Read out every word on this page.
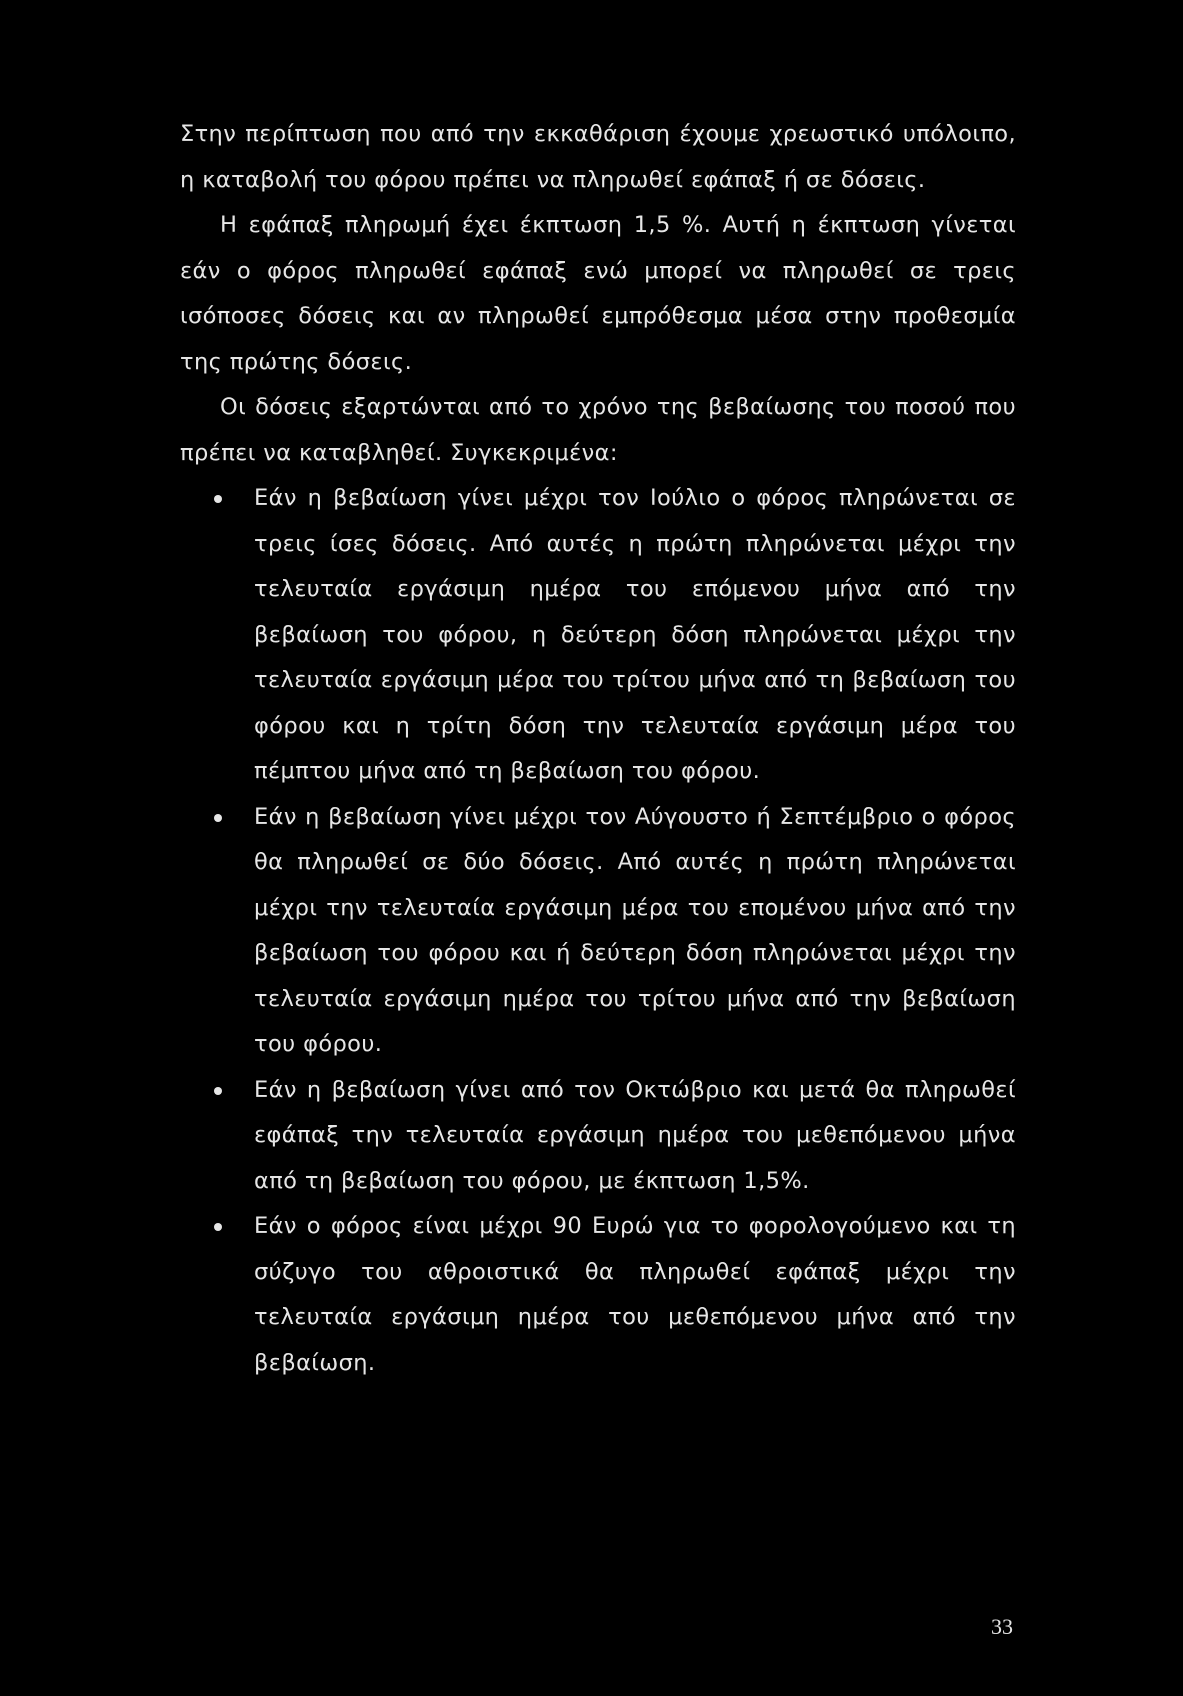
Στην περίπτωση που από την εκκαθάριση έχουμε χρεωστικό υπόλοιπο, η καταβολή του φόρου πρέπει να πληρωθεί εφάπαξ ή σε δόσεις.

Η εφάπαξ πληρωμή έχει έκπτωση 1,5 %. Αυτή η έκπτωση γίνεται εάν ο φόρος πληρωθεί εφάπαξ ενώ μπορεί να πληρωθεί σε τρεις ισόποσες δόσεις και αν πληρωθεί εμπρόθεσμα μέσα στην προθεσμία της πρώτης δόσεις.

Οι δόσεις εξαρτώνται από το χρόνο της βεβαίωσης του ποσού που πρέπει να καταβληθεί. Συγκεκριμένα:

Εάν η βεβαίωση γίνει μέχρι τον Ιούλιο ο φόρος πληρώνεται σε τρεις ίσες δόσεις. Από αυτές η πρώτη πληρώνεται μέχρι την τελευταία εργάσιμη ημέρα του επόμενου μήνα από την βεβαίωση του φόρου, η δεύτερη δόση πληρώνεται μέχρι την τελευταία εργάσιμη μέρα του τρίτου μήνα από τη βεβαίωση του φόρου και η τρίτη δόση την τελευταία εργάσιμη μέρα του πέμπτου μήνα από τη βεβαίωση του φόρου.
Εάν η βεβαίωση γίνει μέχρι τον Αύγουστο ή Σεπτέμβριο ο φόρος θα πληρωθεί σε δύο δόσεις. Από αυτές η πρώτη πληρώνεται μέχρι την τελευταία εργάσιμη μέρα του επομένου μήνα από την βεβαίωση του φόρου και ή δεύτερη δόση πληρώνεται μέχρι την τελευταία εργάσιμη ημέρα του τρίτου μήνα από την βεβαίωση του φόρου.
Εάν η βεβαίωση γίνει από τον Οκτώβριο και μετά θα πληρωθεί εφάπαξ την τελευταία εργάσιμη ημέρα του μεθεπόμενου μήνα από τη βεβαίωση του φόρου, με έκπτωση 1,5%.
Εάν ο φόρος είναι μέχρι 90 Ευρώ για το φορολογούμενο και τη σύζυγο του αθροιστικά θα πληρωθεί εφάπαξ μέχρι την τελευταία εργάσιμη ημέρα του μεθεπόμενου μήνα από την βεβαίωση.
33
